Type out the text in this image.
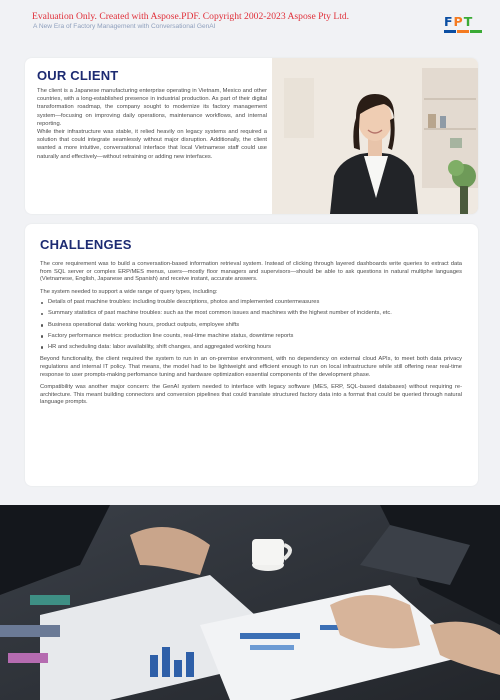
Evaluation Only. Created with Aspose.PDF. Copyright 2002-2023 Aspose Pty Ltd.
A New Era of Factory Management with Conversational GenAI	F P T
OUR CLIENT

The client is a Japanese manufacturing enterprise operating in Vietnam, Mexico and other countries, with a long-established presence in industrial production. As part of their digital transformation roadmap, the company sought to modernize its factory management system—focusing on improving daily operations, maintenance workflows, and internal reporting.

While their infrastructure was stable, it relied heavily on legacy systems and required a solution that could integrate seamlessly without major disruption. Additionally, the client wanted a more intuitive, conversational interface that local Vietnamese staff could use naturally and effectively—without retraining or adding new interfaces.

CHALLENGES

The core requirement was to build a conversation-based information retrieval system. Instead of clicking through layered dashboards write queries to extract data from SQL server or complex ERP/MES menus, users—mostly floor managers and supervisors—should be able to ask questions in natural multiphe languages (Vietnamese, English, Japanese and Spanish) and receive instant, accurate answers.

The system needed to support a wide range of query types, including:

Details of past machine troubles: including trouble descriptions, photos and implemented countermeasures
Summary statistics of past machine troubles: such as the most common issues and machines with the highest number of incidents, etc.
Business operational data: working hours, product outputs, employee shifts
Factory performance metrics: production line counts, real-time machine status, downtime reports
HR and scheduling data: labor availability, shift changes, and aggregated working hours

Beyond functionality, the client required the system to run in an on-premise environment, with no dependency on external cloud APIs, to meet both data privacy regulations and internal IT policy. That means, the model had to be lightweight and efficient enough to run on local infrastructure while still offering near real-time response to user prompts-making perfomance tuning and hardware optimization essential components of the development phase.

Compatibility was another major concern: the GenAI system needed to interface with legacy software (MES, ERP, SQL-based databases) without requiring re-architecture. This meant building connectors and conversion pipelines that could translate structured factory data into a format that could be queried through natural language prompts.
